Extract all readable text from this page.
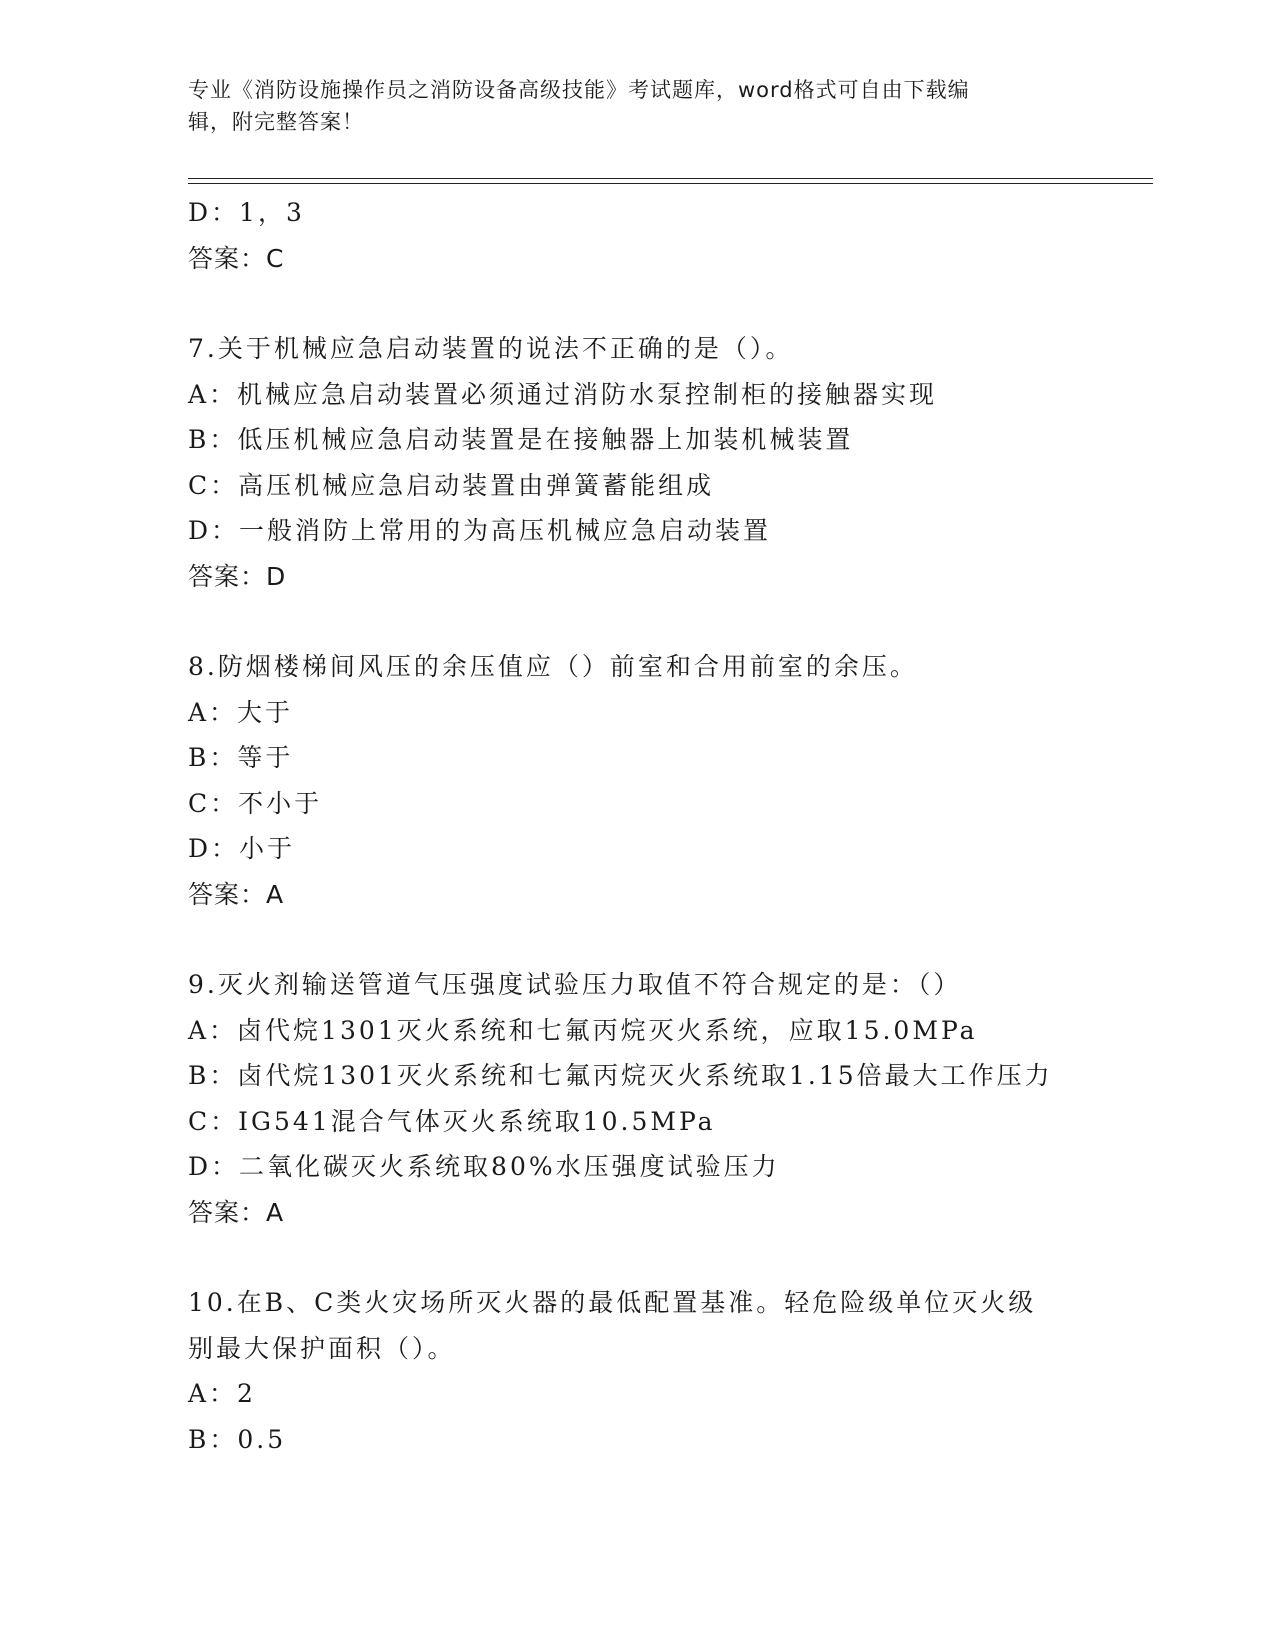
专业《消防设施操作员之消防设备高级技能》考试题库，word格式可自由下载编
辑，附完整答案！
D：1，3
答案：C
7.关于机械应急启动装置的说法不正确的是（）。
A：机械应急启动装置必须通过消防水泵控制柜的接触器实现
B：低压机械应急启动装置是在接触器上加装机械装置
C：高压机械应急启动装置由弹簧蓄能组成
D：一般消防上常用的为高压机械应急启动装置
答案：D
8.防烟楼梯间风压的余压值应（）前室和合用前室的余压。
A：大于
B：等于
C：不小于
D：小于
答案：A
9.灭火剂输送管道气压强度试验压力取值不符合规定的是：（）
A：卤代烷1301灭火系统和七氟丙烷灭火系统，应取15.0MPa
B：卤代烷1301灭火系统和七氟丙烷灭火系统取1.15倍最大工作压力
C：IG541混合气体灭火系统取10.5MPa
D：二氧化碳灭火系统取80%水压强度试验压力
答案：A
10.在B、C类火灾场所灭火器的最低配置基准。轻危险级单位灭火级
别最大保护面积（）。
A：2
B：0.5
